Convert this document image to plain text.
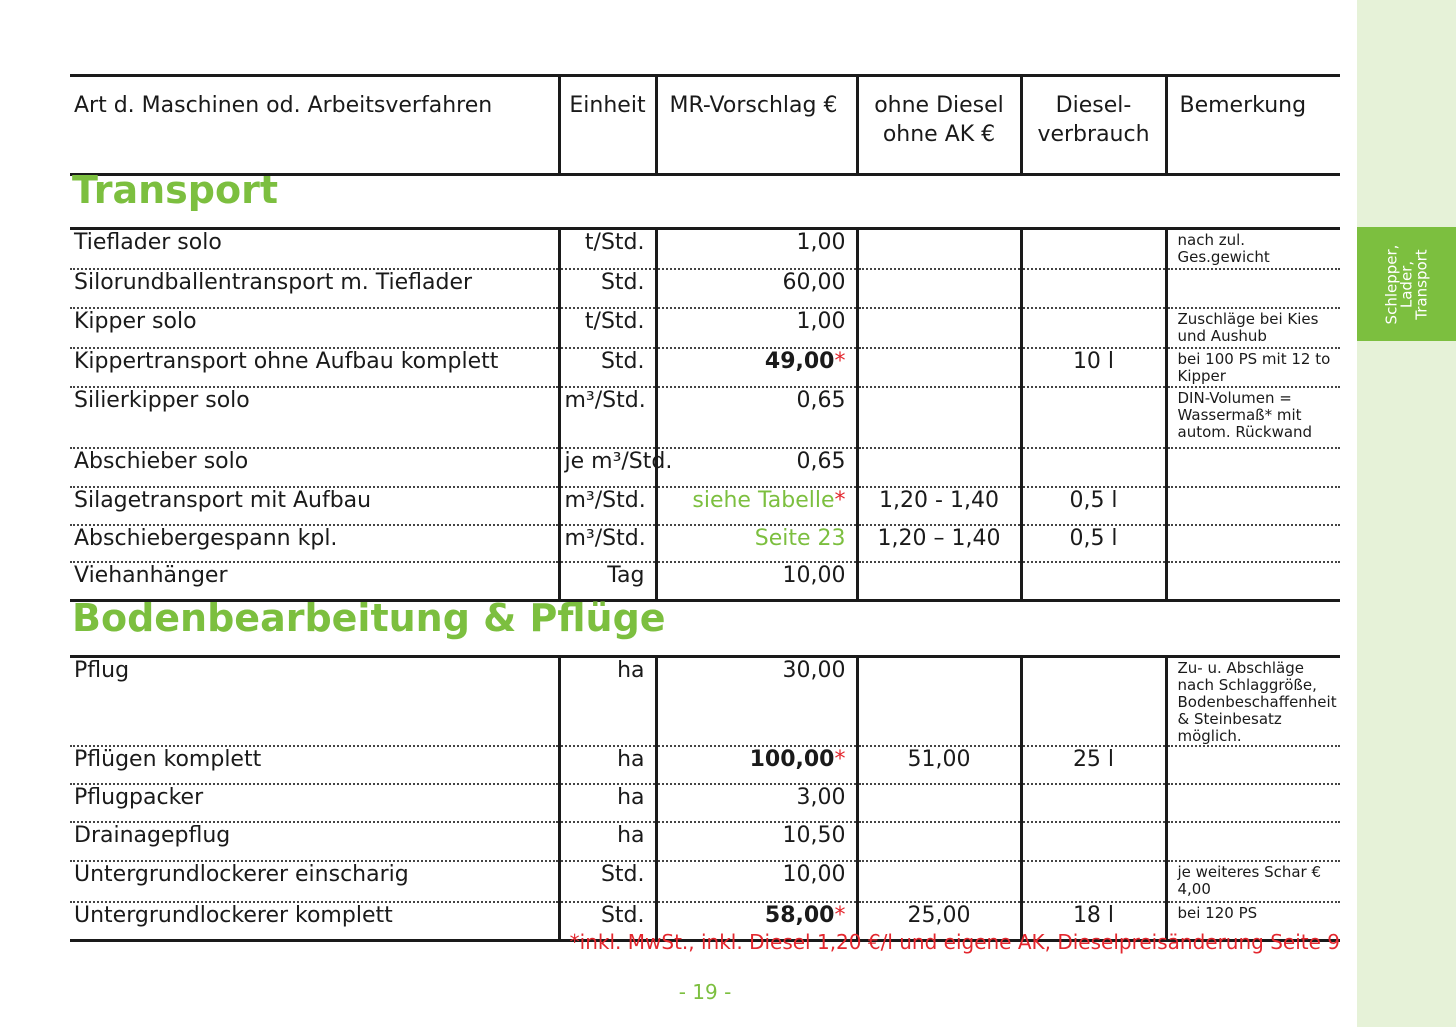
Schlepper,
Lader,
Transport
Art d. Maschinen od. Arbeitsverfahren	Einheit	MR-Vorschlag €	ohne Diesel ohne AK €	Diesel- verbrauch	Bemerkung
Transport
Tieflader solo	t/Std.	1,00			nach zul. Ges.gewicht
Silorundballentransport m. Tieflader	Std.	60,00			
Kipper solo	t/Std.	1,00			Zuschläge bei Kies und Aushub
Kippertransport ohne Aufbau komplett	Std.	49,00*		10 l	bei 100 PS mit 12 to Kipper
Silierkipper solo	m³/Std.	0,65			DIN-Volumen = Wassermaß* mit autom. Rückwand
Abschieber solo	je m³/Std.	0,65			
Silagetransport mit Aufbau	m³/Std.	siehe Tabelle*	1,20 - 1,40	0,5 l	
Abschiebergespann kpl.	m³/Std.	Seite 23	1,20 – 1,40	0,5 l	
Viehanhänger	Tag	10,00			
Bodenbearbeitung & Pflüge
Pflug	ha	30,00			Zu- u. Abschläge nach Schlaggröße, Bodenbeschaffenheit & Steinbesatz möglich.
Pflügen komplett	ha	100,00*	51,00	25 l	
Pflugpacker	ha	3,00			
Drainagepflug	ha	10,50			
Untergrundlockerer einscharig	Std.	10,00			je weiteres Schar € 4,00
Untergrundlockerer komplett	Std.	58,00*	25,00	18 l	bei 120 PS
*inkl. MwSt., inkl. Diesel 1,20 €/l und eigene AK, Dieselpreisänderung Seite 9
- 19 -
